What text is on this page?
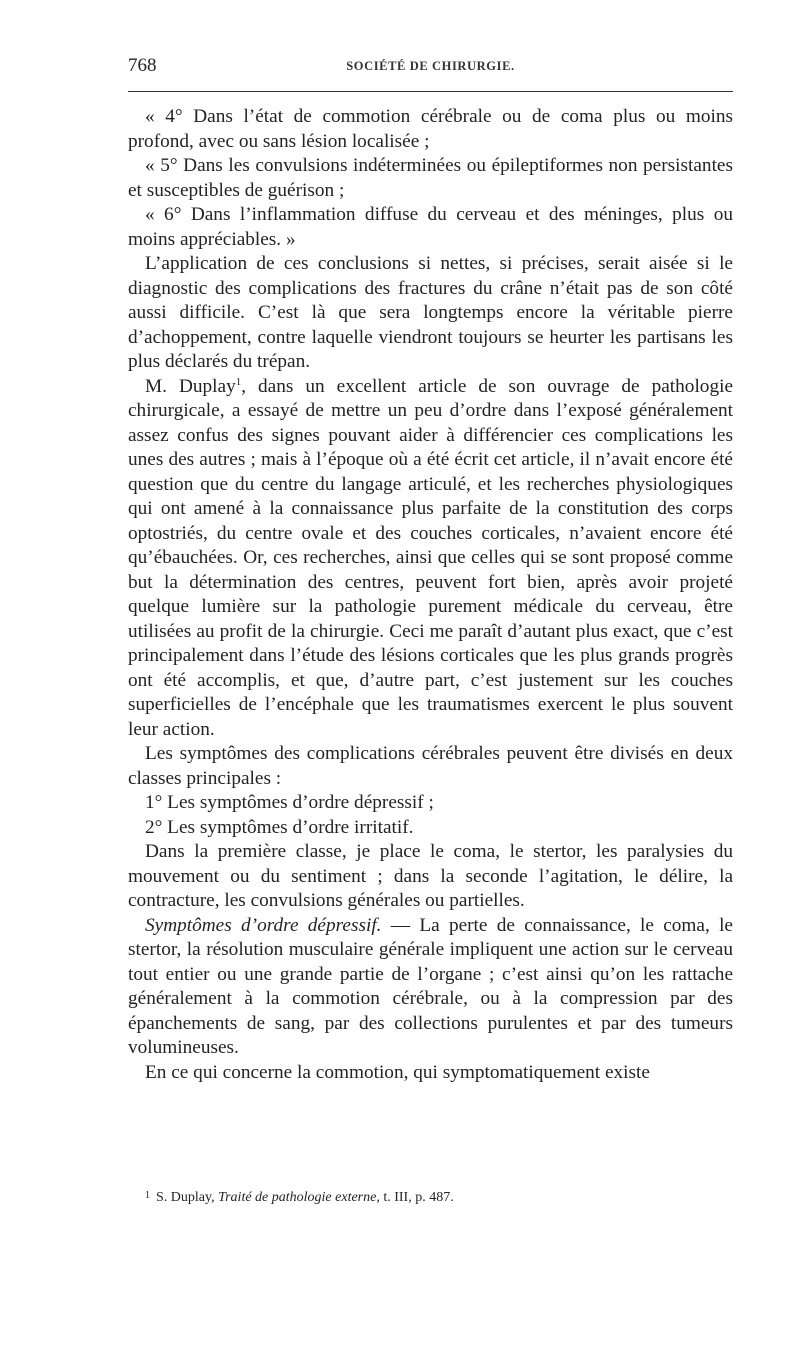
768	SOCIÉTÉ DE CHIRURGIE.

« 4° Dans l’état de commotion cérébrale ou de coma plus ou moins profond, avec ou sans lésion localisée ;

« 5° Dans les convulsions indéterminées ou épileptiformes non persistantes et susceptibles de guérison ;

« 6° Dans l’inflammation diffuse du cerveau et des méninges, plus ou moins appréciables. »

L’application de ces conclusions si nettes, si précises, serait aisée si le diagnostic des complications des fractures du crâne n’était pas de son côté aussi difficile. C’est là que sera longtemps encore la véritable pierre d’achoppement, contre laquelle viendront toujours se heurter les partisans les plus déclarés du trépan.

M. Duplay$^1$, dans un excellent article de son ouvrage de pathologie chirurgicale, a essayé de mettre un peu d’ordre dans l’exposé généralement assez confus des signes pouvant aider à différencier ces complications les unes des autres ; mais à l’époque où a été écrit cet article, il n’avait encore été question que du centre du langage articulé, et les recherches physiologiques qui ont amené à la connaissance plus parfaite de la constitution des corps optostriés, du centre ovale et des couches corticales, n’avaient encore été qu’ébauchées. Or, ces recherches, ainsi que celles qui se sont proposé comme but la détermination des centres, peuvent fort bien, après avoir projeté quelque lumière sur la pathologie purement médicale du cerveau, être utilisées au profit de la chirurgie. Ceci me paraît d’autant plus exact, que c’est principalement dans l’étude des lésions corticales que les plus grands progrès ont été accomplis, et que, d’autre part, c’est justement sur les couches superficielles de l’encéphale que les traumatismes exercent le plus souvent leur action.

Les symptômes des complications cérébrales peuvent être divisés en deux classes principales :

1° Les symptômes d’ordre dépressif ;

2° Les symptômes d’ordre irritatif.

Dans la première classe, je place le coma, le stertor, les paralysies du mouvement ou du sentiment ; dans la seconde l’agitation, le délire, la contracture, les convulsions générales ou partielles.

Symptômes d’ordre dépressif. — La perte de connaissance, le coma, le stertor, la résolution musculaire générale impliquent une action sur le cerveau tout entier ou une grande partie de l’organe ; c’est ainsi qu’on les rattache généralement à la commotion cérébrale, ou à la compression par des épanchements de sang, par des collections purulentes et par des tumeurs volumineuses.

En ce qui concerne la commotion, qui symptomatiquement existe

$^1$ S. Duplay, Traité de pathologie externe, t. III, p. 487.
